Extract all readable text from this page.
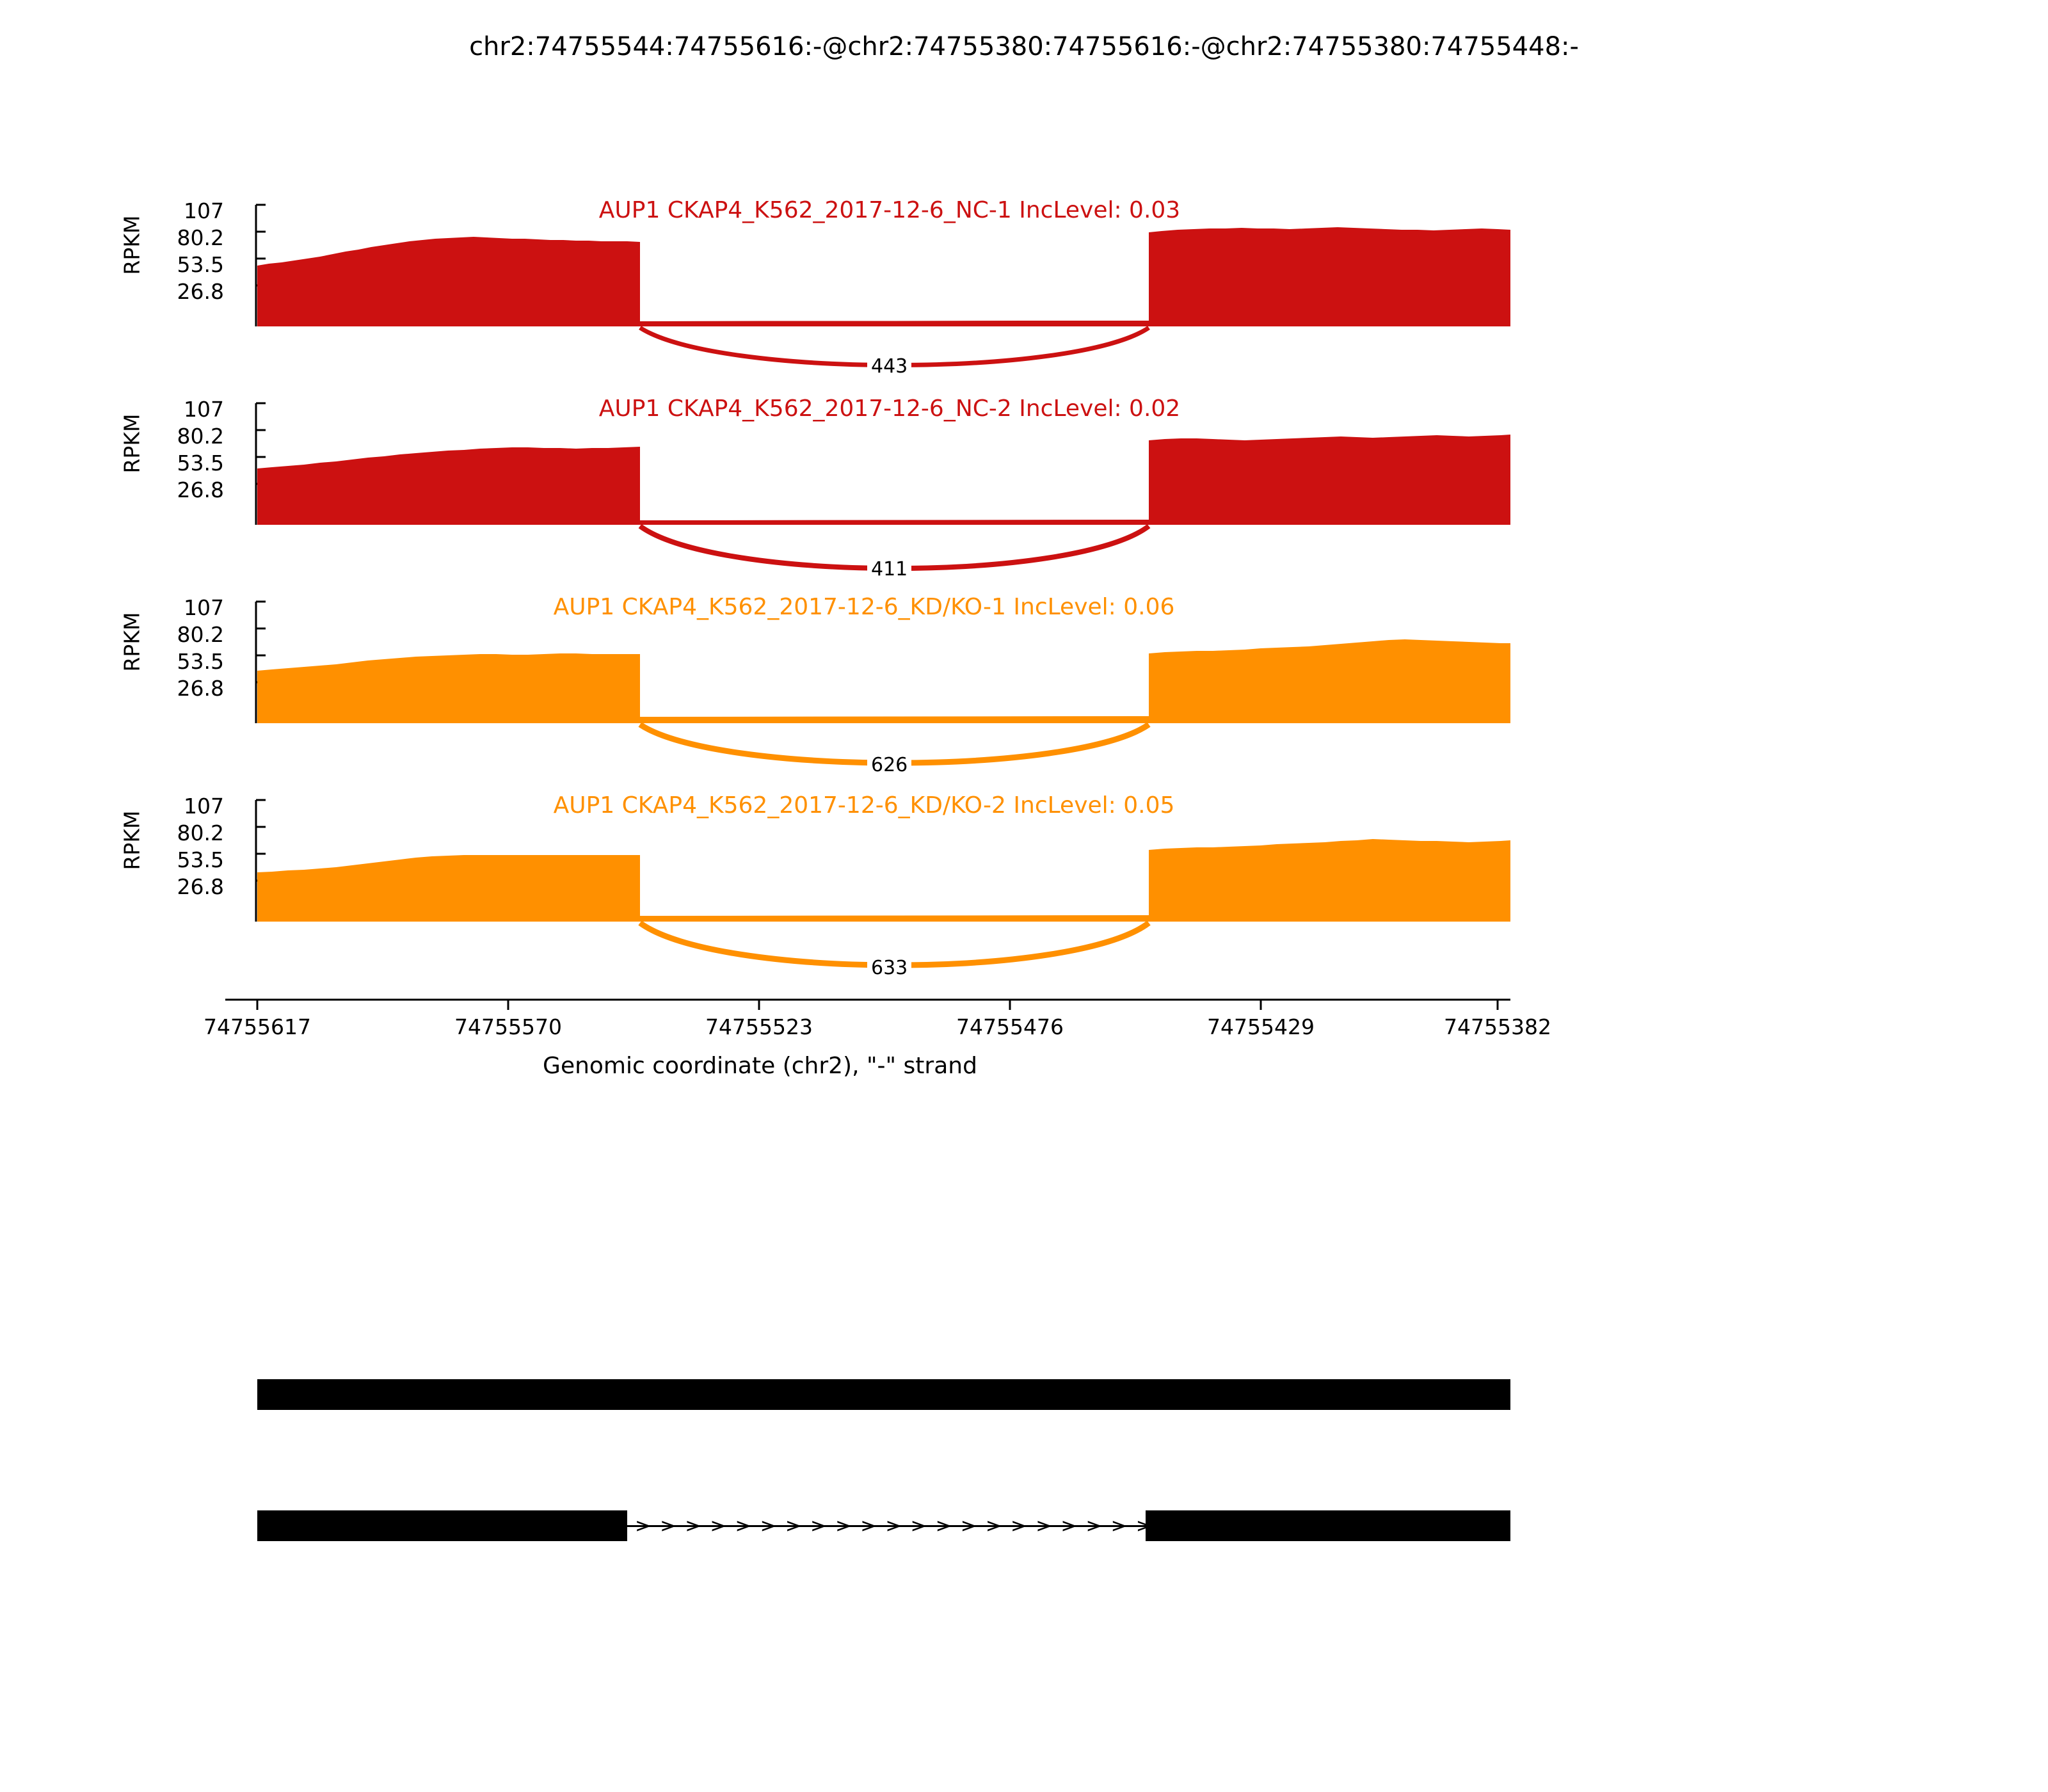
chr2:74755544:74755616:-@chr2:74755380:74755616:-@chr2:74755380:74755448:-
RPKM
107
80.2
53.5
26.8
AUP1 CKAP4_K562_2017-12-6_NC-1 IncLevel: 0.03
443
RPKM
107
80.2
53.5
26.8
AUP1 CKAP4_K562_2017-12-6_NC-2 IncLevel: 0.02
411
RPKM
107
80.2
53.5
26.8
AUP1 CKAP4_K562_2017-12-6_KD/KO-1 IncLevel: 0.06
626
RPKM
107
80.2
53.5
26.8
AUP1 CKAP4_K562_2017-12-6_KD/KO-2 IncLevel: 0.05
633
74755617	74755570	74755523	74755476	74755429	74755382
Genomic coordinate (chr2), "-" strand
>>>>>>>>>>>>>>>>>>>>>>>>>>>
